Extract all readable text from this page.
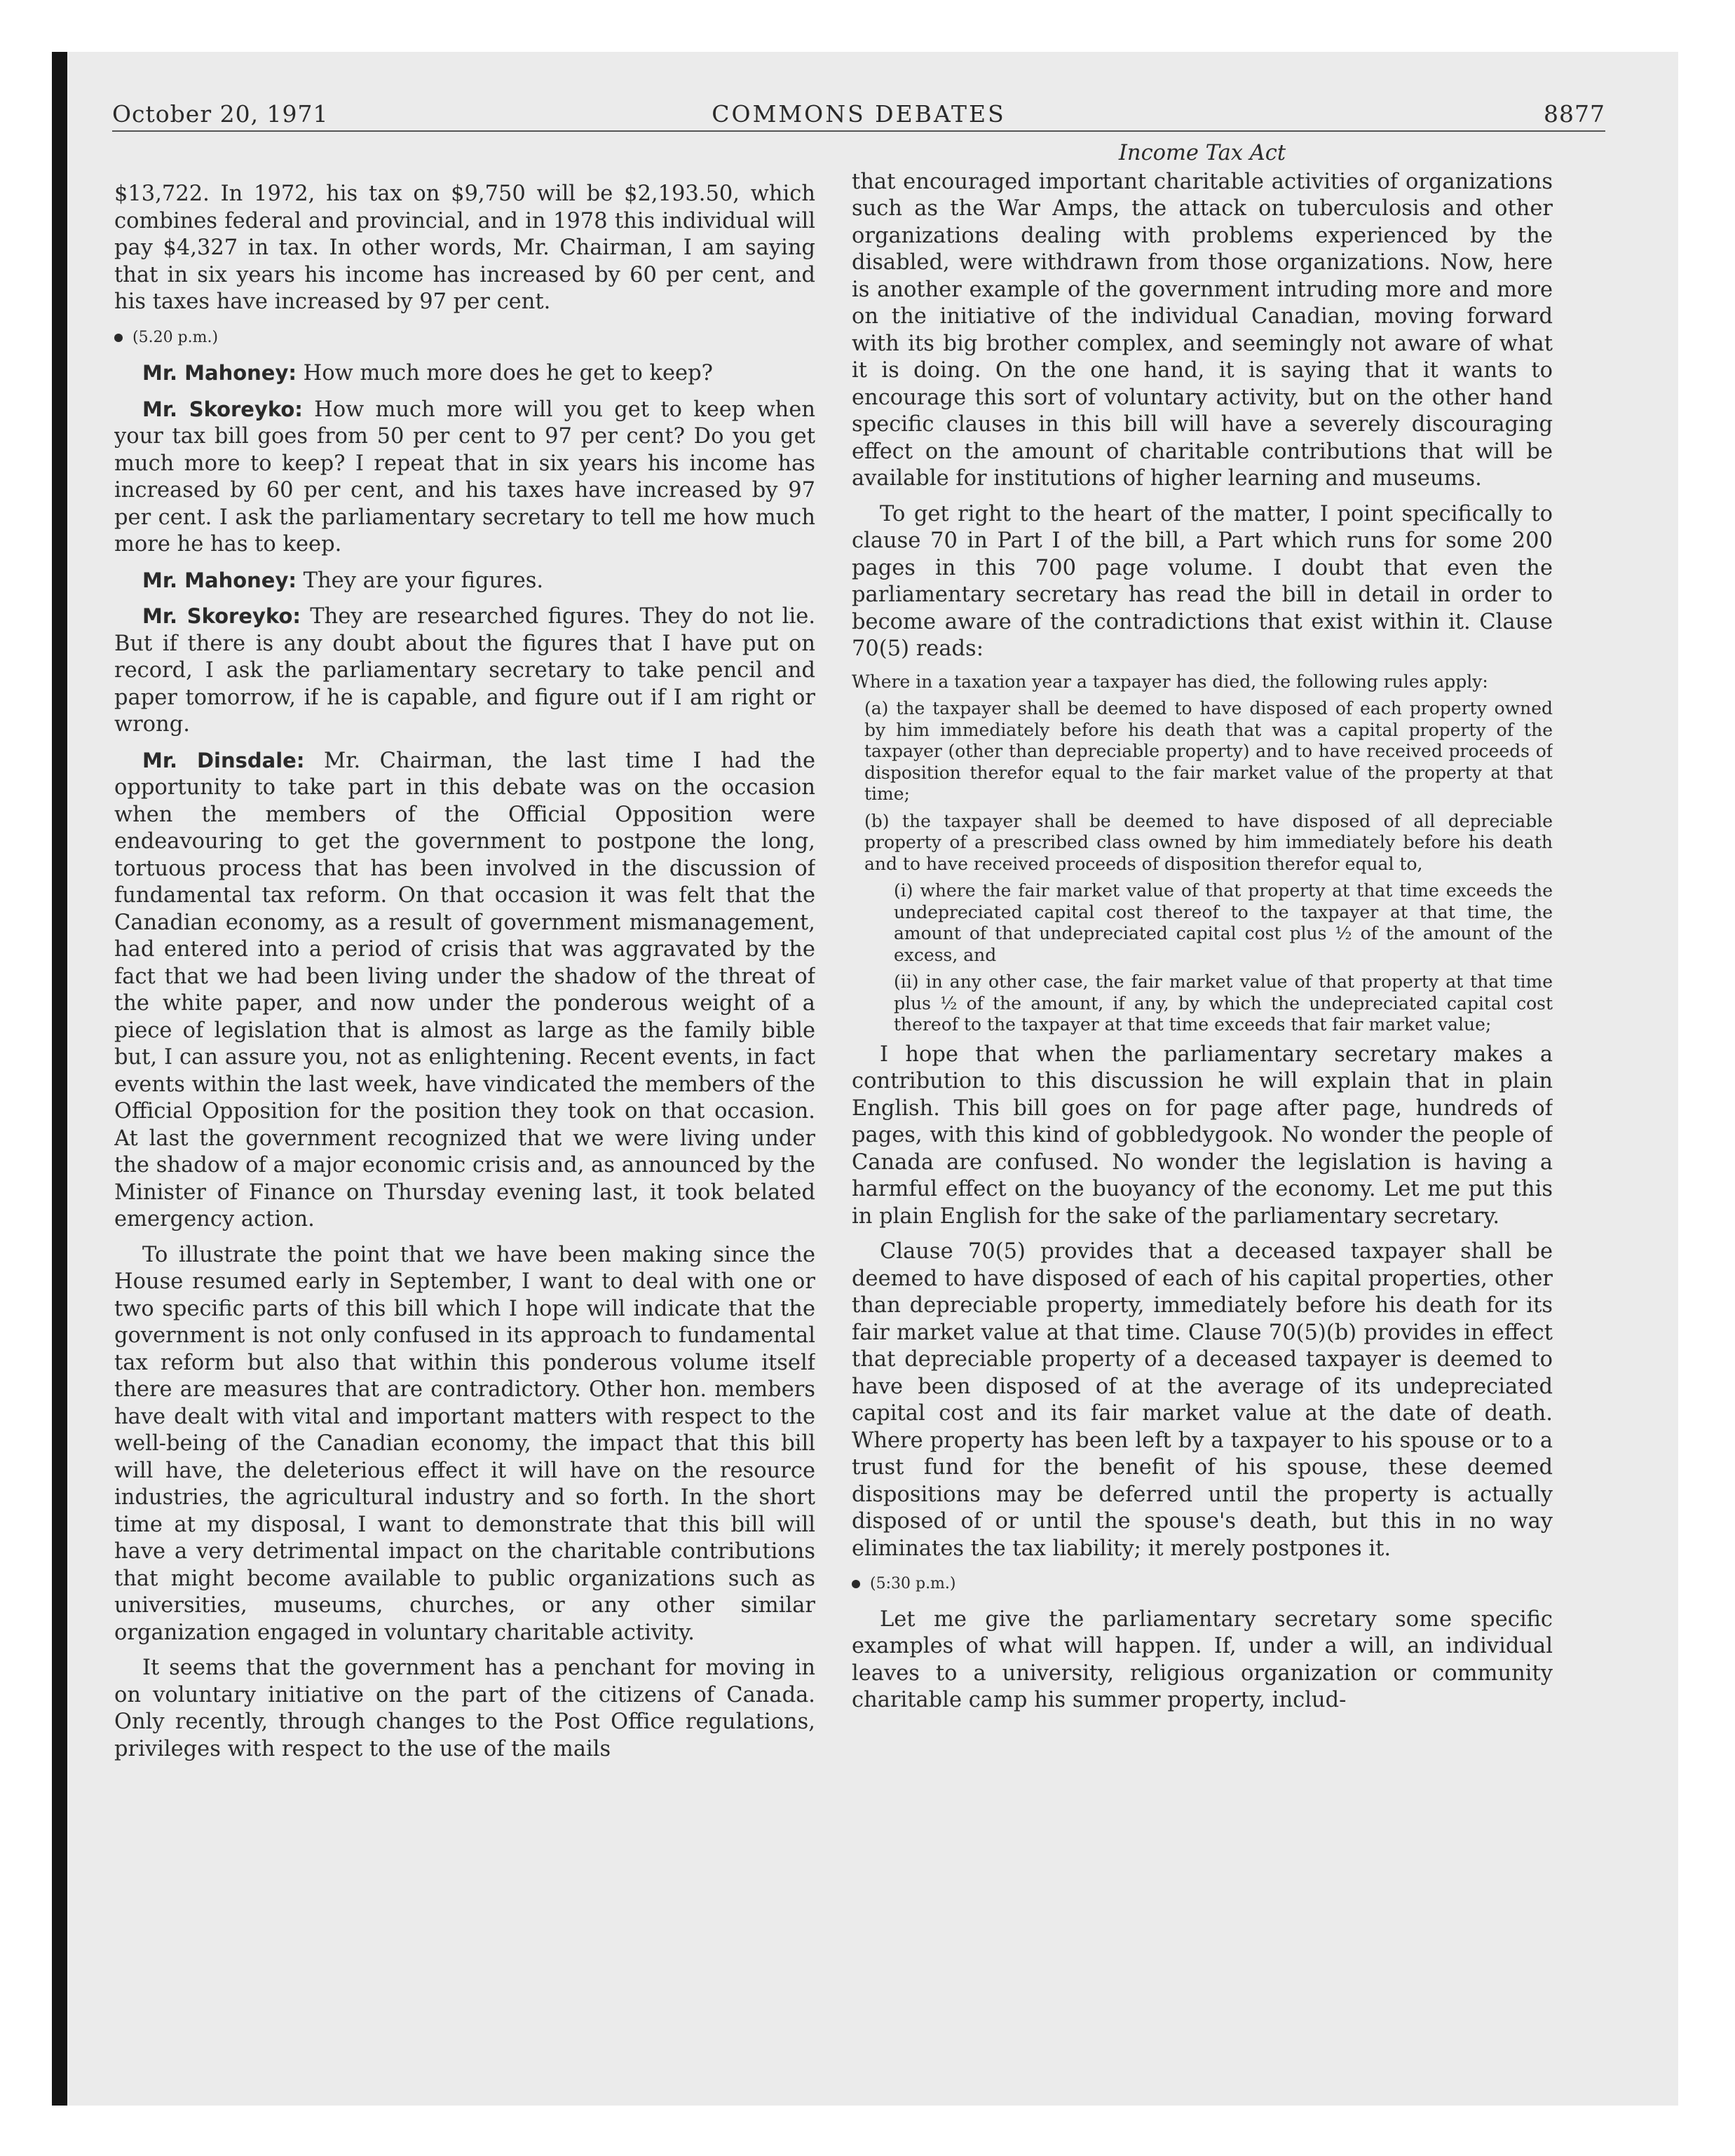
October 20, 1971	COMMONS DEBATES	8877

$13,722. In 1972, his tax on $9,750 will be $2,193.50, which combines federal and provincial, and in 1978 this individual will pay $4,327 in tax. In other words, Mr. Chairman, I am saying that in six years his income has increased by 60 per cent, and his taxes have increased by 97 per cent.

(5.20 p.m.)

Mr. Mahoney: How much more does he get to keep?

Mr. Skoreyko: How much more will you get to keep when your tax bill goes from 50 per cent to 97 per cent? Do you get much more to keep? I repeat that in six years his income has increased by 60 per cent, and his taxes have increased by 97 per cent. I ask the parliamentary secretary to tell me how much more he has to keep.

Mr. Mahoney: They are your figures.

Mr. Skoreyko: They are researched figures. They do not lie. But if there is any doubt about the figures that I have put on record, I ask the parliamentary secretary to take pencil and paper tomorrow, if he is capable, and figure out if I am right or wrong.

Mr. Dinsdale: Mr. Chairman, the last time I had the opportunity to take part in this debate was on the occasion when the members of the Official Opposition were endeavouring to get the government to postpone the long, tortuous process that has been involved in the discussion of fundamental tax reform. On that occasion it was felt that the Canadian economy, as a result of government mismanagement, had entered into a period of crisis that was aggravated by the fact that we had been living under the shadow of the threat of the white paper, and now under the ponderous weight of a piece of legislation that is almost as large as the family bible but, I can assure you, not as enlightening. Recent events, in fact events within the last week, have vindicated the members of the Official Opposition for the position they took on that occasion. At last the government recognized that we were living under the shadow of a major economic crisis and, as announced by the Minister of Finance on Thursday evening last, it took belated emergency action.

To illustrate the point that we have been making since the House resumed early in September, I want to deal with one or two specific parts of this bill which I hope will indicate that the government is not only confused in its approach to fundamental tax reform but also that within this ponderous volume itself there are measures that are contradictory. Other hon. members have dealt with vital and important matters with respect to the well-being of the Canadian economy, the impact that this bill will have, the deleterious effect it will have on the resource industries, the agricultural industry and so forth. In the short time at my disposal, I want to demonstrate that this bill will have a very detrimental impact on the charitable contributions that might become available to public organizations such as universities, museums, churches, or any other similar organization engaged in voluntary charitable activity.

It seems that the government has a penchant for moving in on voluntary initiative on the part of the citizens of Canada. Only recently, through changes to the Post Office regulations, privileges with respect to the use of the mails

Income Tax Act

that encouraged important charitable activities of organizations such as the War Amps, the attack on tuberculosis and other organizations dealing with problems experienced by the disabled, were withdrawn from those organizations. Now, here is another example of the government intruding more and more on the initiative of the individual Canadian, moving forward with its big brother complex, and seemingly not aware of what it is doing. On the one hand, it is saying that it wants to encourage this sort of voluntary activity, but on the other hand specific clauses in this bill will have a severely discouraging effect on the amount of charitable contributions that will be available for institutions of higher learning and museums.

To get right to the heart of the matter, I point specifically to clause 70 in Part I of the bill, a Part which runs for some 200 pages in this 700 page volume. I doubt that even the parliamentary secretary has read the bill in detail in order to become aware of the contradictions that exist within it. Clause 70(5) reads:

Where in a taxation year a taxpayer has died, the following rules apply:

(a) the taxpayer shall be deemed to have disposed of each property owned by him immediately before his death that was a capital property of the taxpayer (other than depreciable property) and to have received proceeds of disposition therefor equal to the fair market value of the property at that time;

(b) the taxpayer shall be deemed to have disposed of all depreciable property of a prescribed class owned by him immediately before his death and to have received proceeds of disposition therefor equal to,

(i) where the fair market value of that property at that time exceeds the undepreciated capital cost thereof to the taxpayer at that time, the amount of that undepreciated capital cost plus ½ of the amount of the excess, and

(ii) in any other case, the fair market value of that property at that time plus ½ of the amount, if any, by which the undepreciated capital cost thereof to the taxpayer at that time exceeds that fair market value;

I hope that when the parliamentary secretary makes a contribution to this discussion he will explain that in plain English. This bill goes on for page after page, hundreds of pages, with this kind of gobbledygook. No wonder the people of Canada are confused. No wonder the legislation is having a harmful effect on the buoyancy of the economy. Let me put this in plain English for the sake of the parliamentary secretary.

Clause 70(5) provides that a deceased taxpayer shall be deemed to have disposed of each of his capital properties, other than depreciable property, immediately before his death for its fair market value at that time. Clause 70(5)(b) provides in effect that depreciable property of a deceased taxpayer is deemed to have been disposed of at the average of its undepreciated capital cost and its fair market value at the date of death. Where property has been left by a taxpayer to his spouse or to a trust fund for the benefit of his spouse, these deemed dispositions may be deferred until the property is actually disposed of or until the spouse's death, but this in no way eliminates the tax liability; it merely postpones it.

(5:30 p.m.)

Let me give the parliamentary secretary some specific examples of what will happen. If, under a will, an individual leaves to a university, religious organization or community charitable camp his summer property, includ-
